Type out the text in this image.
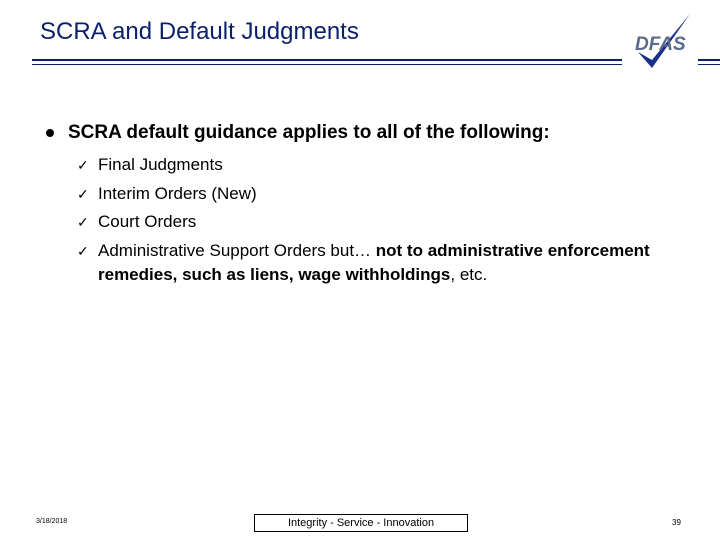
SCRA and Default Judgments	DFAS
SCRA default guidance applies to all of the following:
✓ Final Judgments
✓ Interim Orders (New)
✓ Court Orders
✓ Administrative Support Orders but… not to administrative enforcement remedies, such as liens, wage withholdings, etc.
3/18/2018	Integrity - Service - Innovation	39
